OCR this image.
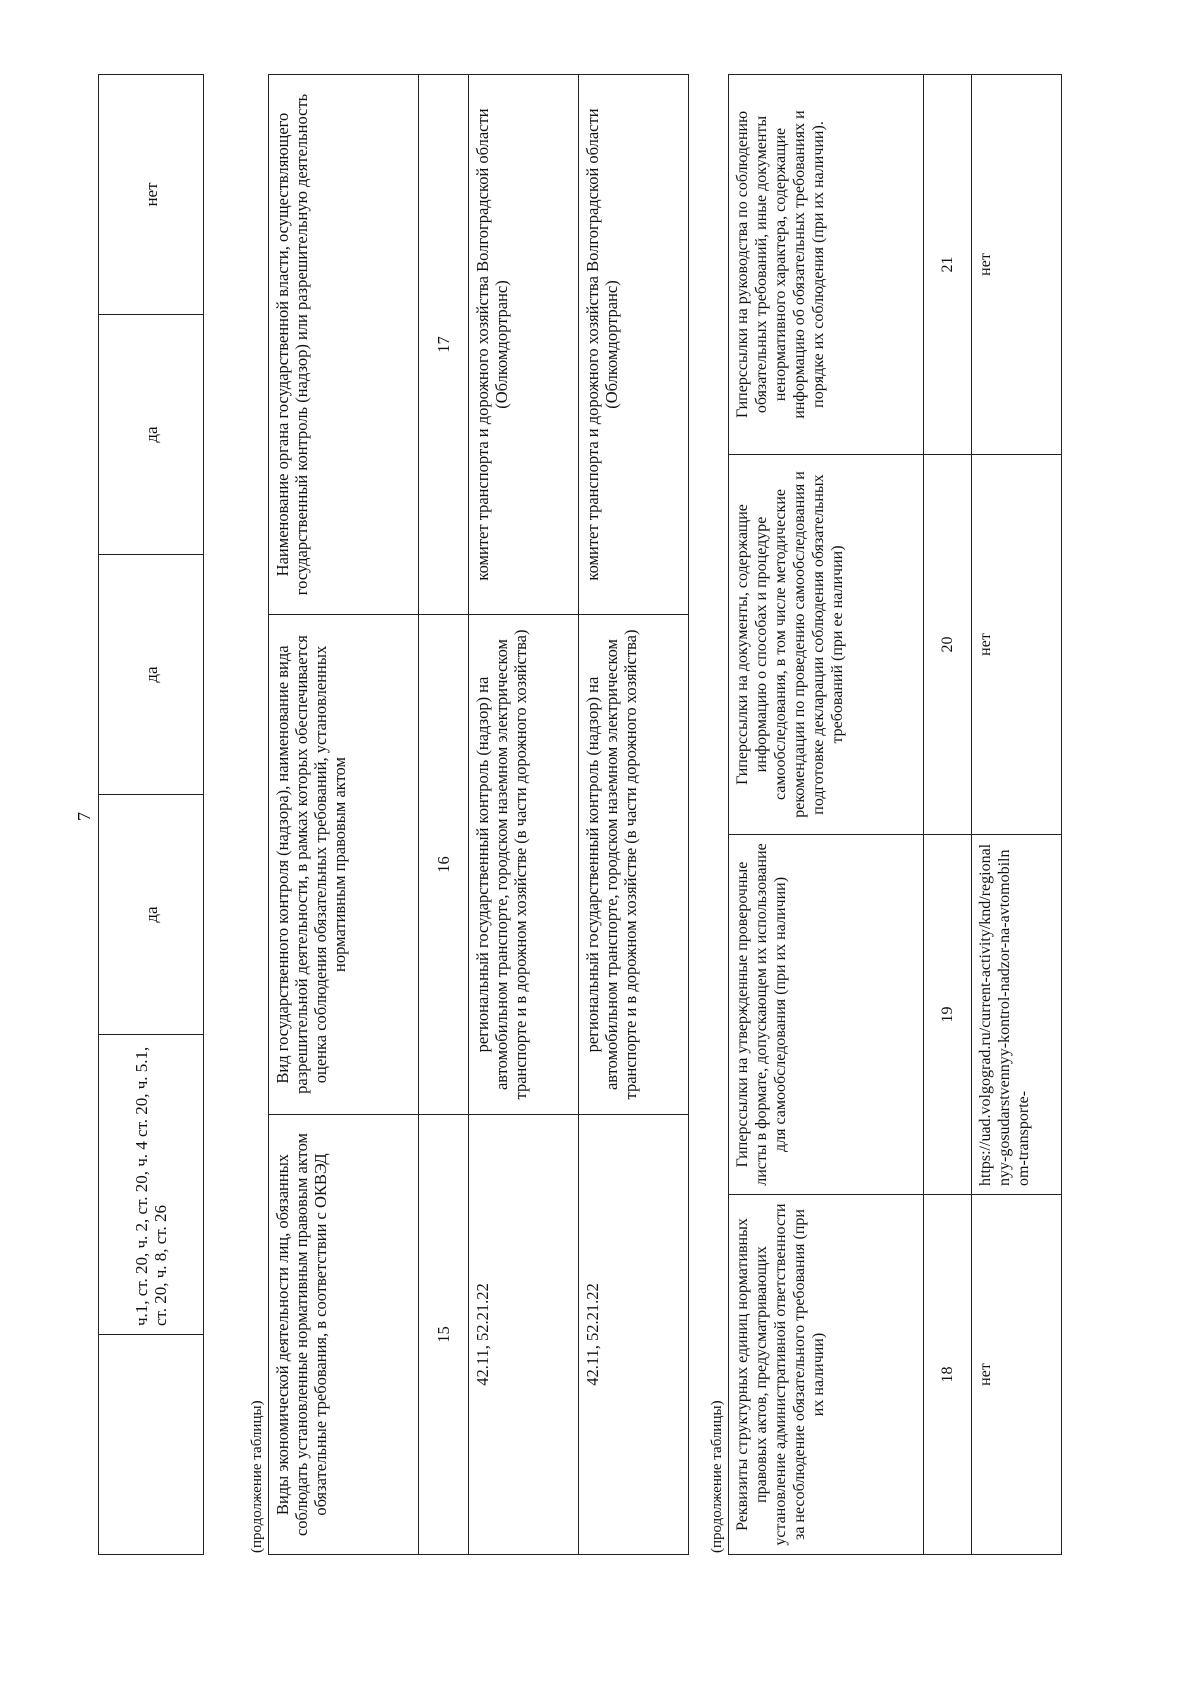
7
	ч.1, ст. 20, ч. 2, ст. 20, ч. 4 ст. 20, ч. 5.1, ст. 20, ч. 8, ст. 26	да	да	да	нет
(продолжение таблицы) Виды экономической деятельности лиц, обязанных соблюдать установленные нормативным правовым актом обязательные требования, в соответствии с ОКВЭД	Вид государственного контроля (надзора), наименование вида разрешительной деятельности, в рамках которых обеспечивается оценка соблюдения обязательных требований, установленных нормативным правовым актом	Наименование органа государственной власти, осуществляющего государственный контроль (надзор) или разрешительную деятельность
15	16	17
42.11, 52.21.22	региональный государственный контроль (надзор) на автомобильном транспорте, городском наземном электрическом транспорте и в дорожном хозяйстве (в части дорожного хозяйства)	комитет транспорта и дорожного хозяйства Волгоградской области (Облкомдортранс)
42.11, 52.21.22	региональный государственный контроль (надзор) на автомобильном транспорте, городском наземном электрическом транспорте и в дорожном хозяйстве (в части дорожного хозяйства)	комитет транспорта и дорожного хозяйства Волгоградской области (Облкомдортранс)
(продолжение таблицы) Реквизиты структурных единиц нормативных правовых актов, предусматривающих установление административной ответственности за несоблюдение обязательного требования (при их наличии)	Гиперссылки на утвержденные проверочные листы в формате, допускающем их использование для самообследования (при их наличии)	Гиперссылки на документы, содержащие информацию о способах и процедуре самообследования, в том числе методические рекомендации по проведению самообследования и подготовке декларации соблюдения обязательных требований (при ее наличии)	Гиперссылки на руководства по соблюдению обязательных требований, иные документы ненормативного характера, содержащие информацию об обязательных требованиях и порядке их соблюдения (при их наличии).
18	19	20	21
нет	https://uad.volgograd.ru/current-activity/knd/regionalnyy-gosudarstvennyy-kontrol-nadzor-na-avtomobilnom-transporte-	нет	нет
